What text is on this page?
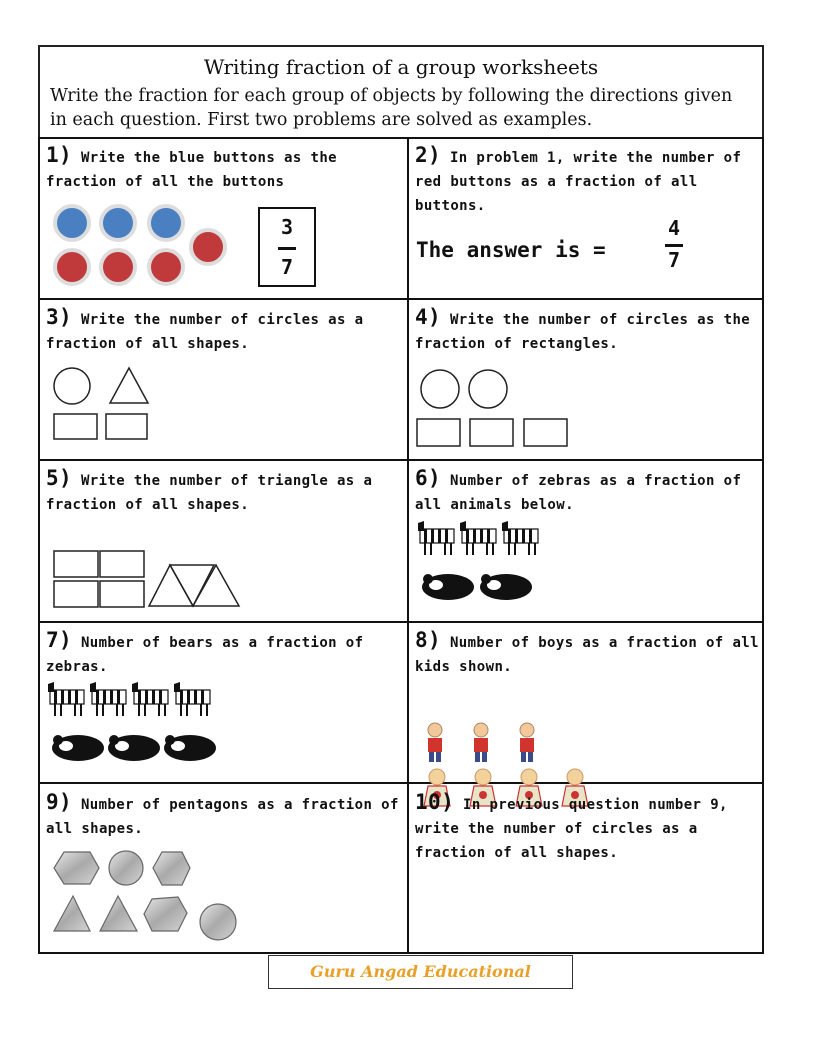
Writing fraction of a group worksheets
Write the fraction for each group of objects by following the directions given in each question. First two problems are solved as examples.
1) Write the blue buttons as the fraction of all the buttons
3
7
2) In problem 1, write the number of red buttons as a fraction of all buttons.
The answer is =
4
7
3) Write the number of circles as a fraction of all shapes.
4) Write the number of circles as the fraction of rectangles.
5) Write the number of triangle as a fraction of all shapes.
6) Number of zebras as a fraction of all animals below.
7) Number of bears as a fraction of zebras.
8) Number of boys as a fraction of all kids shown.
9) Number of pentagons as a fraction of all shapes.
10) In previous question number 9, write the number of circles as a fraction of all shapes.
Guru Angad Educational
